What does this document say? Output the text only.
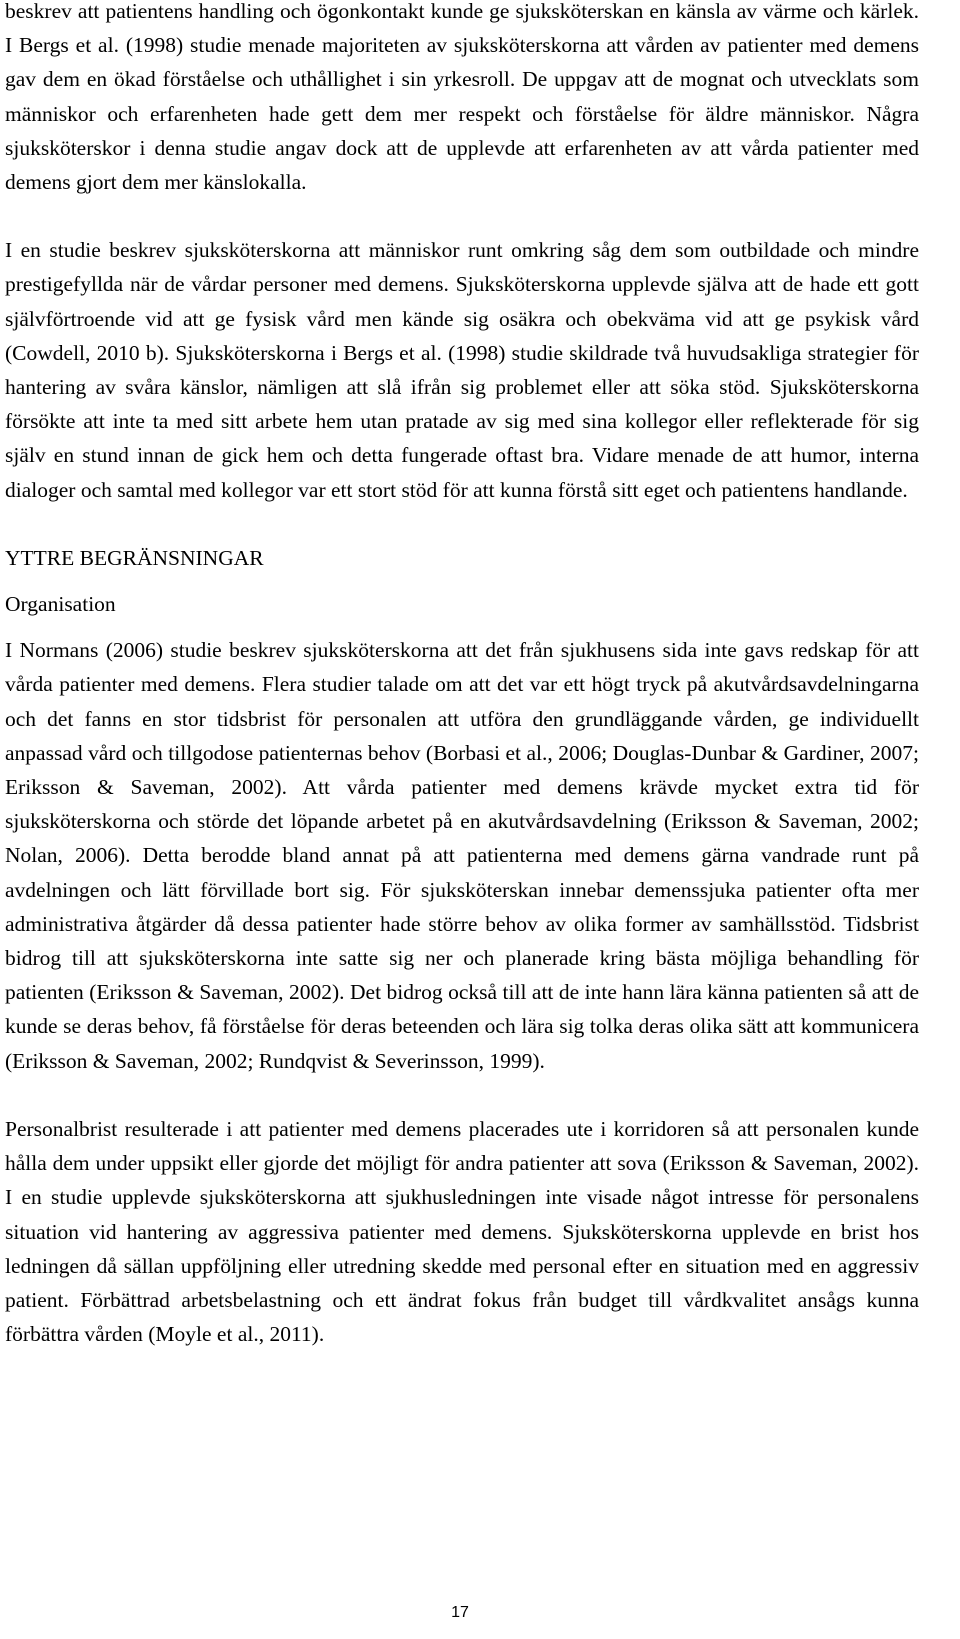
beskrev att patientens handling och ögonkontakt kunde ge sjuksköterskan en känsla av värme och kärlek. I Bergs et al. (1998) studie menade majoriteten av sjuksköterskorna att vården av patienter med demens gav dem en ökad förståelse och uthållighet i sin yrkesroll. De uppgav att de mognat och utvecklats som människor och erfarenheten hade gett dem mer respekt och förståelse för äldre människor. Några sjuksköterskor i denna studie angav dock att de upplevde att erfarenheten av att vårda patienter med demens gjort dem mer känslokalla.

I en studie beskrev sjuksköterskorna att människor runt omkring såg dem som outbildade och mindre prestigefyllda när de vårdar personer med demens. Sjuksköterskorna upplevde själva att de hade ett gott självförtroende vid att ge fysisk vård men kände sig osäkra och obekväma vid att ge psykisk vård (Cowdell, 2010 b). Sjuksköterskorna i Bergs et al. (1998) studie skildrade två huvudsakliga strategier för hantering av svåra känslor, nämligen att slå ifrån sig problemet eller att söka stöd. Sjuksköterskorna försökte att inte ta med sitt arbete hem utan pratade av sig med sina kollegor eller reflekterade för sig själv en stund innan de gick hem och detta fungerade oftast bra. Vidare menade de att humor, interna dialoger och samtal med kollegor var ett stort stöd för att kunna förstå sitt eget och patientens handlande.

YTTRE BEGRÄNSNINGAR
Organisation

I Normans (2006) studie beskrev sjuksköterskorna att det från sjukhusens sida inte gavs redskap för att vårda patienter med demens. Flera studier talade om att det var ett högt tryck på akutvårdsavdelningarna och det fanns en stor tidsbrist för personalen att utföra den grundläggande vården, ge individuellt anpassad vård och tillgodose patienternas behov (Borbasi et al., 2006; Douglas-Dunbar & Gardiner, 2007; Eriksson & Saveman, 2002). Att vårda patienter med demens krävde mycket extra tid för sjuksköterskorna och störde det löpande arbetet på en akutvårdsavdelning (Eriksson & Saveman, 2002; Nolan, 2006). Detta berodde bland annat på att patienterna med demens gärna vandrade runt på avdelningen och lätt förvillade bort sig. För sjuksköterskan innebar demenssjuka patienter ofta mer administrativa åtgärder då dessa patienter hade större behov av olika former av samhällsstöd. Tidsbrist bidrog till att sjuksköterskorna inte satte sig ner och planerade kring bästa möjliga behandling för patienten (Eriksson & Saveman, 2002). Det bidrog också till att de inte hann lära känna patienten så att de kunde se deras behov, få förståelse för deras beteenden och lära sig tolka deras olika sätt att kommunicera (Eriksson & Saveman, 2002; Rundqvist & Severinsson, 1999).

Personalbrist resulterade i att patienter med demens placerades ute i korridoren så att personalen kunde hålla dem under uppsikt eller gjorde det möjligt för andra patienter att sova (Eriksson & Saveman, 2002). I en studie upplevde sjuksköterskorna att sjukhusledningen inte visade något intresse för personalens situation vid hantering av aggressiva patienter med demens. Sjuksköterskorna upplevde en brist hos ledningen då sällan uppföljning eller utredning skedde med personal efter en situation med en aggressiv patient. Förbättrad arbetsbelastning och ett ändrat fokus från budget till vårdkvalitet ansågs kunna förbättra vården (Moyle et al., 2011).

17
